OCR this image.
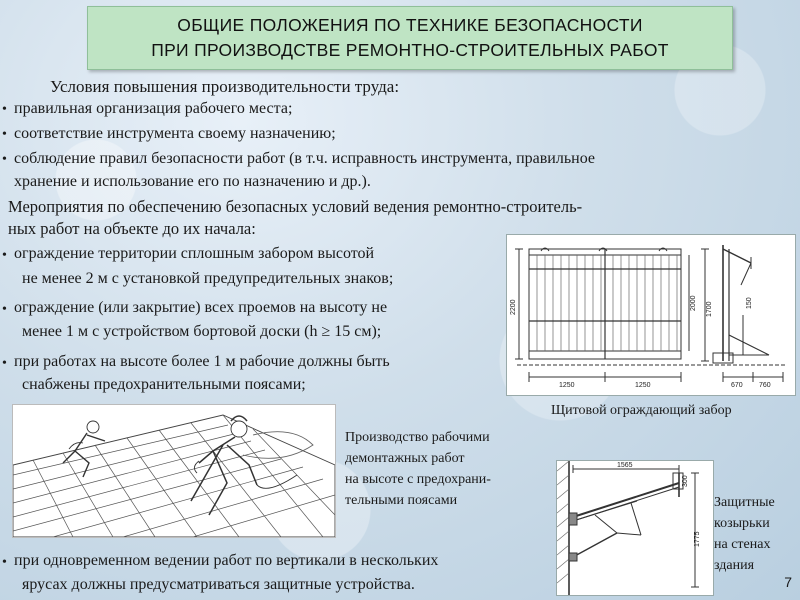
ОБЩИЕ ПОЛОЖЕНИЯ ПО ТЕХНИКЕ БЕЗОПАСНОСТИ
ПРИ ПРОИЗВОДСТВЕ РЕМОНТНО-СТРОИТЕЛЬНЫХ РАБОТ
Условия повышения производительности труда:
• правильная организация рабочего места;
• соответствие инструмента своему назначению;
• соблюдение правил безопасности работ (в т.ч. исправность инструмента, правильное
хранение и использование его по назначению и др.).
Мероприятия по обеспечению безопасных условий ведения ремонтно-строитель-
ных работ на объекте до их начала:
• ограждение территории сплошным забором высотой
не менее 2 м с установкой предупредительных знаков;
• ограждение (или закрытие) всех проемов на высоту не
менее 1 м с устройством бортовой доски (h ≥ 15 см);
• при работах на высоте более 1 м рабочие должны быть
снабжены предохранительными поясами;	1250	1250
2200	2000 1700
670 760
150
Щитовой ограждающий забор
Производство рабочими
демонтажных работ
на высоте с предохрани-
тельными поясами
1565
1775
300
Защитные
козырьки
на стенах
здания
• при одновременном ведении работ по вертикали в нескольких
ярусах должны предусматриваться защитные устройства.	7
